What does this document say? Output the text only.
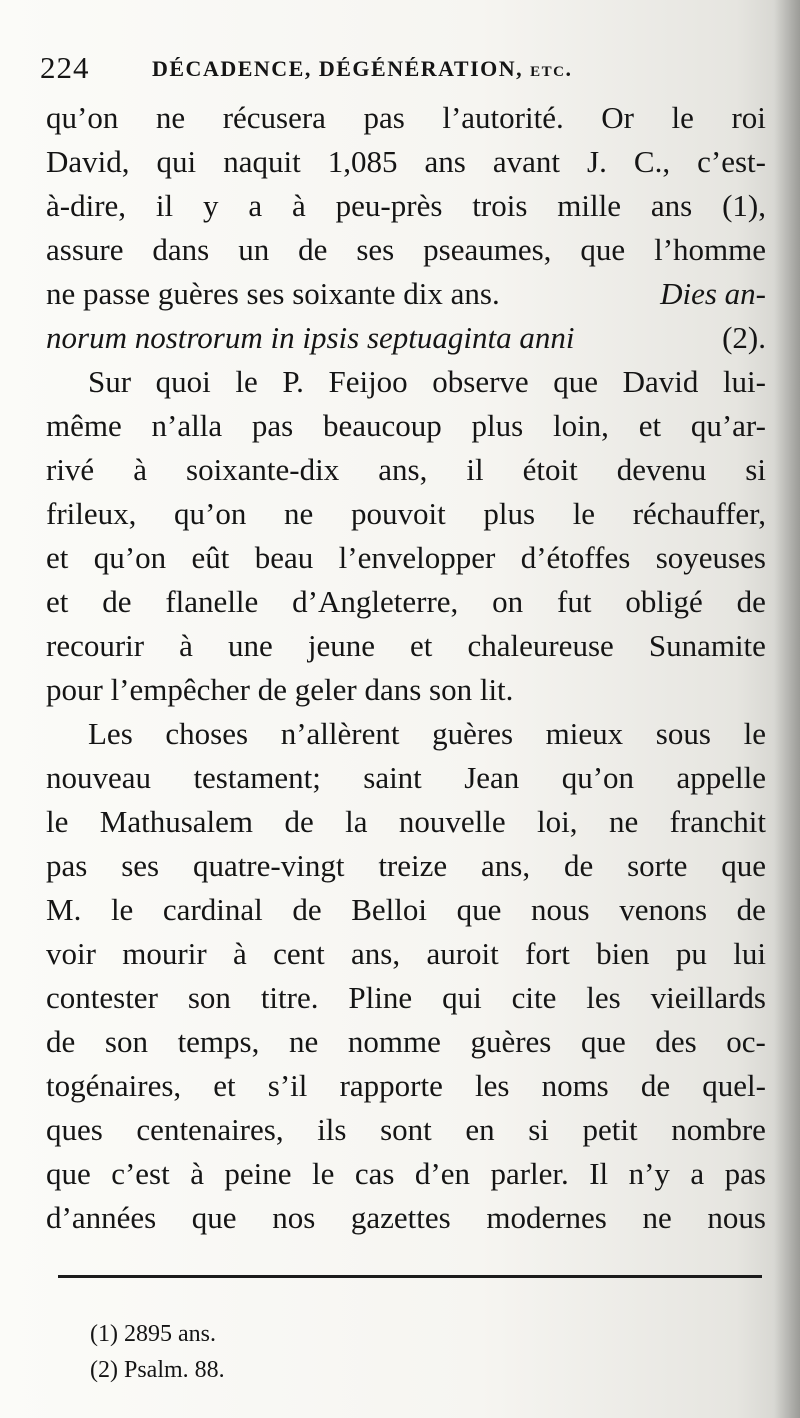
224	DÉCADENCE, DÉGÉNÉRATION, etc.
qu’on ne récusera pas l’autorité. Or le roi
David, qui naquit 1,085 ans avant J. C., c’est-
à-dire, il y a à peu-près trois mille ans (1),
assure dans un de ses pseaumes, que l’homme
ne passe guères ses soixante dix ans.	Dies an-
norum nostrorum in ipsis septuaginta anni	(2).
Sur quoi le P. Feijoo observe que David lui-
même n’alla pas beaucoup plus loin, et qu’ar-
rivé à soixante-dix ans, il étoit devenu si
frileux, qu’on ne pouvoit plus le réchauffer,
et qu’on eût beau l’envelopper d’étoffes soyeuses
et de flanelle d’Angleterre, on fut obligé de
recourir à une jeune et chaleureuse Sunamite
pour l’empêcher de geler dans son lit.
Les choses n’allèrent guères mieux sous le
nouveau testament; saint Jean qu’on appelle
le Mathusalem de la nouvelle loi, ne franchit
pas ses quatre-vingt treize ans, de sorte que
M. le cardinal de Belloi que nous venons de
voir mourir à cent ans, auroit fort bien pu lui
contester son titre. Pline qui cite les vieillards
de son temps, ne nomme guères que des oc-
togénaires, et s’il rapporte les noms de quel-
ques centenaires, ils sont en si petit nombre
que c’est à peine le cas d’en parler. Il n’y a pas
d’années que nos gazettes modernes ne nous
(1) 2895 ans.
(2) Psalm. 88.
